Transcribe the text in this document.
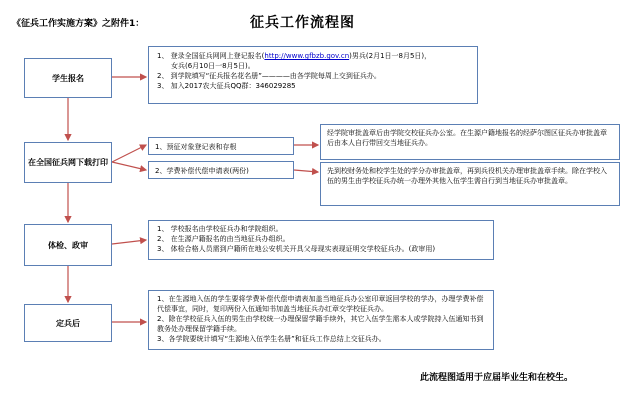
《征兵工作实施方案》之附件1：	征兵工作流程图
学生报名
在全国征兵网下载打印
体检、政审
定兵后
1、 登录全国征兵网网上登记报名(http://www.gfbzb.gov.cn)男兵(2月1日一8月5日)，
女兵(6月10日一8月5日)。
2、 到学院填写“征兵报名花名册”————由各学院每周上交到征兵办。
3、 加入2017农大征兵QQ群：346029285
1、预征对象登记表和存根
2、学费补偿代偿申请表(两份)
经学院审批盖章后由学院交校征兵办公室。在生源户籍地报名的经萨尔图区征兵办审批盖章后由本人自行带回交当地征兵办。
先到校财务处和校学生处的学分办审批盖章，再到兵役机关办理审批盖章手续。除在学校入伍的男生由学校征兵办统一办理外其他入伍学生需自行到当地征兵办审批盖章。
1、 学校报名由学校征兵办和学院组织。
2、 在生源户籍报名的由当地征兵办组织。
3、 体检合格人员需到户籍所在地公安机关开具父母现实表现证明交学校征兵办。(政审用)
1、在生源地入伍的学生要将学费补偿代偿申请表加盖当地征兵办公室印章返回学校的学办，办理学费补偿代偿事宜，同时，复印两份入伍通知书加盖当地征兵办红章交学校征兵办。
2、除在学校征兵入伍的男生由学校统一办理保留学籍手续外，其它入伍学生需本人或学院持入伍通知书到教务处办理保留学籍手续。
3、各学院要统计填写“生源地入伍学生名册”和征兵工作总结上交征兵办。
此流程图适用于应届毕业生和在校生。
